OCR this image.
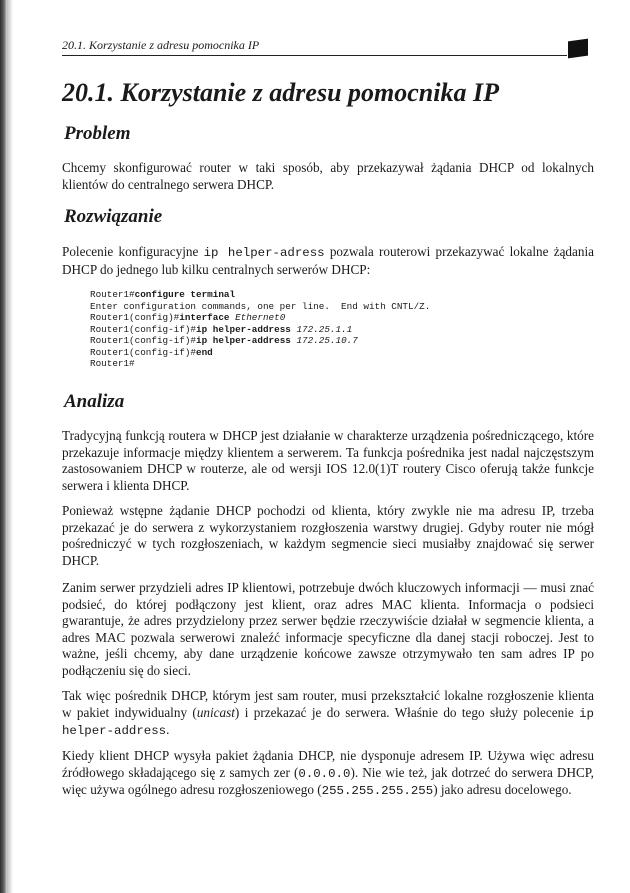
20.1. Korzystanie z adresu pomocnika IP
20.1. Korzystanie z adresu pomocnika IP
Problem

Chcemy skonfigurować router w taki sposób, aby przekazywał żądania DHCP od lokalnych klientów do centralnego serwera DHCP.

Rozwiązanie

Polecenie konfiguracyjne ip helper-adress pozwala routerowi przekazywać lokalne żądania DHCP do jednego lub kilku centralnych serwerów DHCP:

Router1#configure terminal
Enter configuration commands, one per line.  End with CNTL/Z.
Router1(config)#interface Ethernet0
Router1(config-if)#ip helper-address 172.25.1.1
Router1(config-if)#ip helper-address 172.25.10.7
Router1(config-if)#end
Router1#
Analiza

Tradycyjną funkcją routera w DHCP jest działanie w charakterze urządzenia pośredniczącego, które przekazuje informacje między klientem a serwerem. Ta funkcja pośrednika jest nadal najczęstszym zastosowaniem DHCP w routerze, ale od wersji IOS 12.0(1)T routery Cisco oferują także funkcje serwera i klienta DHCP.

Ponieważ wstępne żądanie DHCP pochodzi od klienta, który zwykle nie ma adresu IP, trzeba przekazać je do serwera z wykorzystaniem rozgłoszenia warstwy drugiej. Gdyby router nie mógł pośredniczyć w tych rozgłoszeniach, w każdym segmencie sieci musiałby znajdować się serwer DHCP.

Zanim serwer przydzieli adres IP klientowi, potrzebuje dwóch kluczowych informacji — musi znać podsieć, do której podłączony jest klient, oraz adres MAC klienta. Informacja o podsieci gwarantuje, że adres przydzielony przez serwer będzie rzeczywiście działał w segmencie klienta, a adres MAC pozwala serwerowi znaleźć informacje specyficzne dla danej stacji roboczej. Jest to ważne, jeśli chcemy, aby dane urządzenie końcowe zawsze otrzymywało ten sam adres IP po podłączeniu się do sieci.

Tak więc pośrednik DHCP, którym jest sam router, musi przekształcić lokalne rozgłoszenie klienta w pakiet indywidualny (unicast) i przekazać je do serwera. Właśnie do tego służy polecenie ip helper-address.

Kiedy klient DHCP wysyła pakiet żądania DHCP, nie dysponuje adresem IP. Używa więc adresu źródłowego składającego się z samych zer (0.0.0.0). Nie wie też, jak dotrzeć do serwera DHCP, więc używa ogólnego adresu rozgłoszeniowego (255.255.255.255) jako adresu docelowego.
